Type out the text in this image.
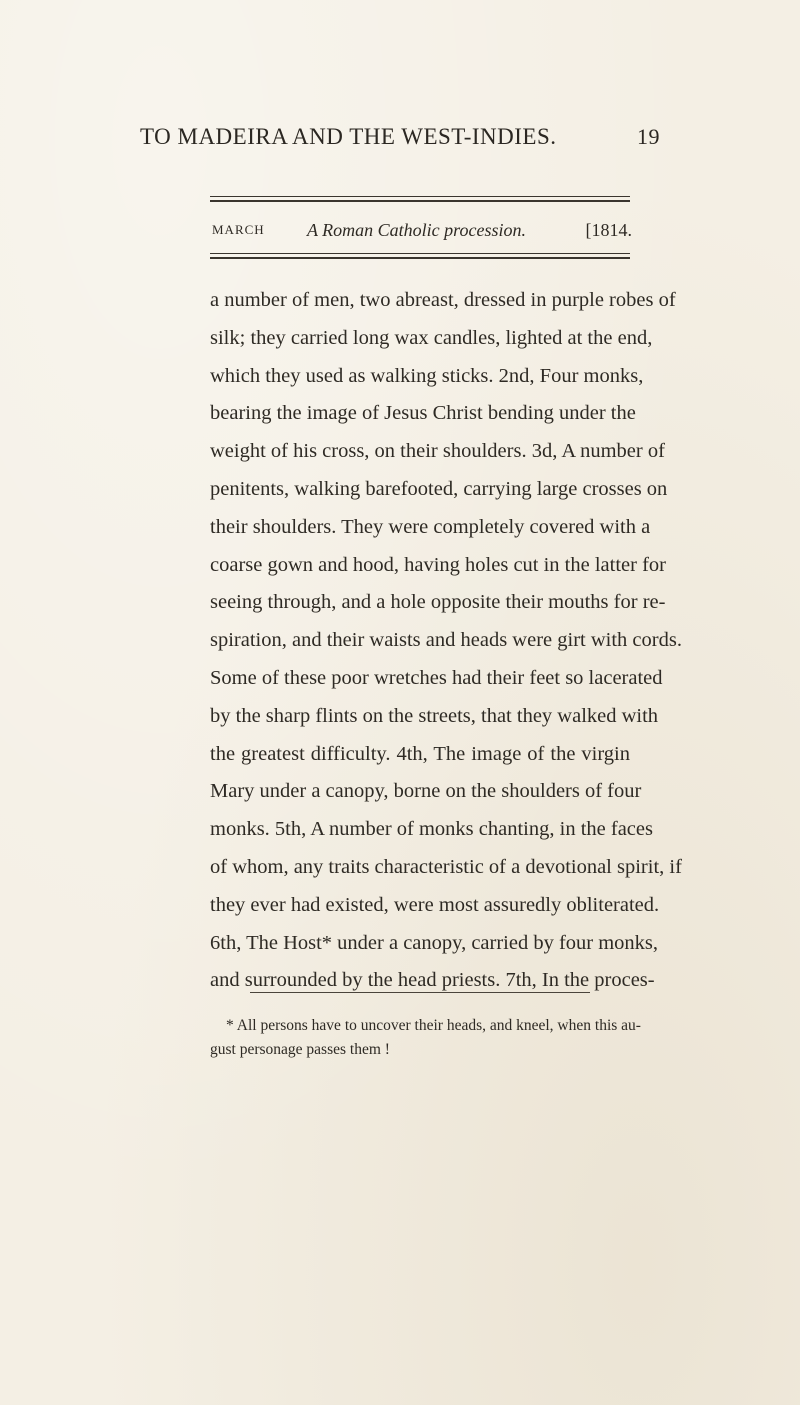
TO MADEIRA AND THE WEST-INDIES.	19
MARCH A Roman Catholic procession.	[1814.
a number of men, two abreast, dressed in purple robes of
silk; they carried long wax candles, lighted at the end,
which they used as walking sticks. 2nd, Four monks,
bearing the image of Jesus Christ bending under the
weight of his cross, on their shoulders. 3d, A number of
penitents, walking barefooted, carrying large crosses on
their shoulders. They were completely covered with a
coarse gown and hood, having holes cut in the latter for
seeing through, and a hole opposite their mouths for re-
spiration, and their waists and heads were girt with cords.
Some of these poor wretches had their feet so lacerated
by the sharp flints on the streets, that they walked with
the greatest difficulty. 4th, The image of the virgin
Mary under a canopy, borne on the shoulders of four
monks. 5th, A number of monks chanting, in the faces
of whom, any traits characteristic of a devotional spirit, if
they ever had existed, were most assuredly obliterated.
6th, The Host* under a canopy, carried by four monks,
and surrounded by the head priests. 7th, In the proces-
* All persons have to uncover their heads, and kneel, when this au-
gust personage passes them !
